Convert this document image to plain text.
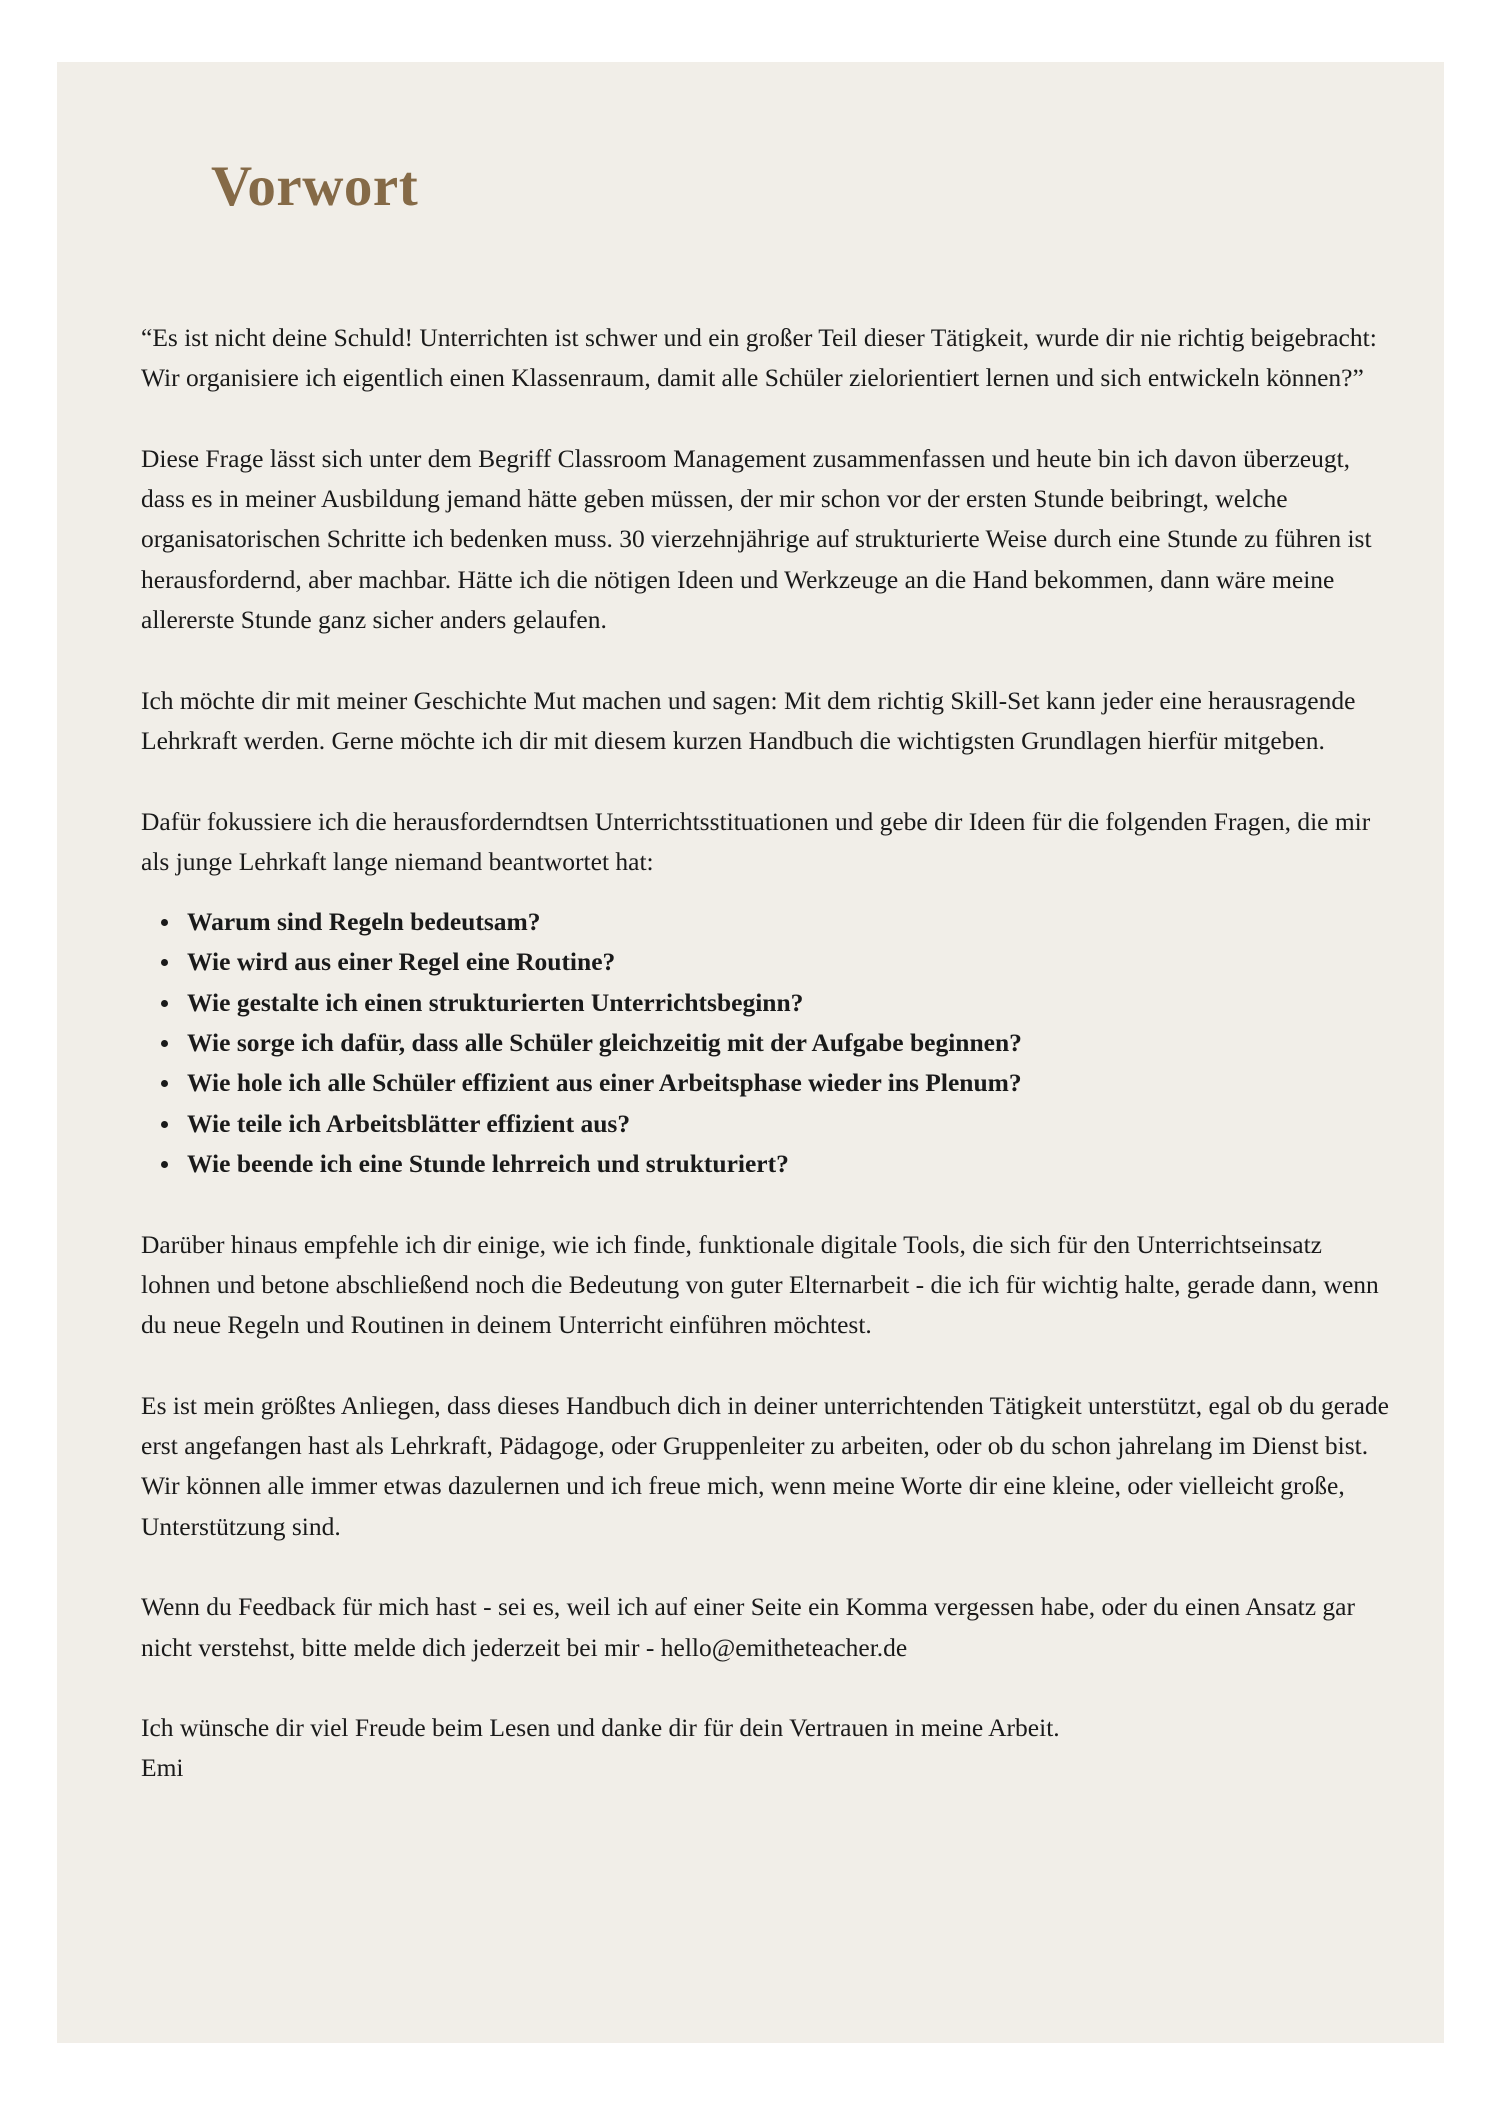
Vorwort

“Es ist nicht deine Schuld! Unterrichten ist schwer und ein großer Teil dieser Tätigkeit, wurde dir nie richtig beigebracht: Wir organisiere ich eigentlich einen Klassenraum, damit alle Schüler zielorientiert lernen und sich entwickeln können?”

Diese Frage lässt sich unter dem Begriff Classroom Management zusammenfassen und heute bin ich davon überzeugt, dass es in meiner Ausbildung jemand hätte geben müssen, der mir schon vor der ersten Stunde beibringt, welche organisatorischen Schritte ich bedenken muss. 30 vierzehnjährige auf strukturierte Weise durch eine Stunde zu führen ist herausfordernd, aber machbar. Hätte ich die nötigen Ideen und Werkzeuge an die Hand bekommen, dann wäre meine allererste Stunde ganz sicher anders gelaufen.

Ich möchte dir mit meiner Geschichte Mut machen und sagen: Mit dem richtig Skill-Set kann jeder eine herausragende Lehrkraft werden. Gerne möchte ich dir mit diesem kurzen Handbuch die wichtigsten Grundlagen hierfür mitgeben.

Dafür fokussiere ich die herausforderndtsen Unterrichtsstituationen und gebe dir Ideen für die folgenden Fragen, die mir als junge Lehrkaft lange niemand beantwortet hat:

Warum sind Regeln bedeutsam?
Wie wird aus einer Regel eine Routine?
Wie gestalte ich einen strukturierten Unterrichtsbeginn?
Wie sorge ich dafür, dass alle Schüler gleichzeitig mit der Aufgabe beginnen?
Wie hole ich alle Schüler effizient aus einer Arbeitsphase wieder ins Plenum?
Wie teile ich Arbeitsblätter effizient aus?
Wie beende ich eine Stunde lehrreich und strukturiert?

Darüber hinaus empfehle ich dir einige, wie ich finde, funktionale digitale Tools, die sich für den Unterrichtseinsatz lohnen und betone abschließend noch die Bedeutung von guter Elternarbeit - die ich für wichtig halte, gerade dann, wenn du neue Regeln und Routinen in deinem Unterricht einführen möchtest.

Es ist mein größtes Anliegen, dass dieses Handbuch dich in deiner unterrichtenden Tätigkeit unterstützt, egal ob du gerade erst angefangen hast als Lehrkraft, Pädagoge, oder Gruppenleiter zu arbeiten, oder ob du schon jahrelang im Dienst bist. Wir können alle immer etwas dazulernen und ich freue mich, wenn meine Worte dir eine kleine, oder vielleicht große, Unterstützung sind.

Wenn du Feedback für mich hast - sei es, weil ich auf einer Seite ein Komma vergessen habe, oder du einen Ansatz gar nicht verstehst, bitte melde dich jederzeit bei mir - hello@emitheteacher.de

Ich wünsche dir viel Freude beim Lesen und danke dir für dein Vertrauen in meine Arbeit.

Emi
